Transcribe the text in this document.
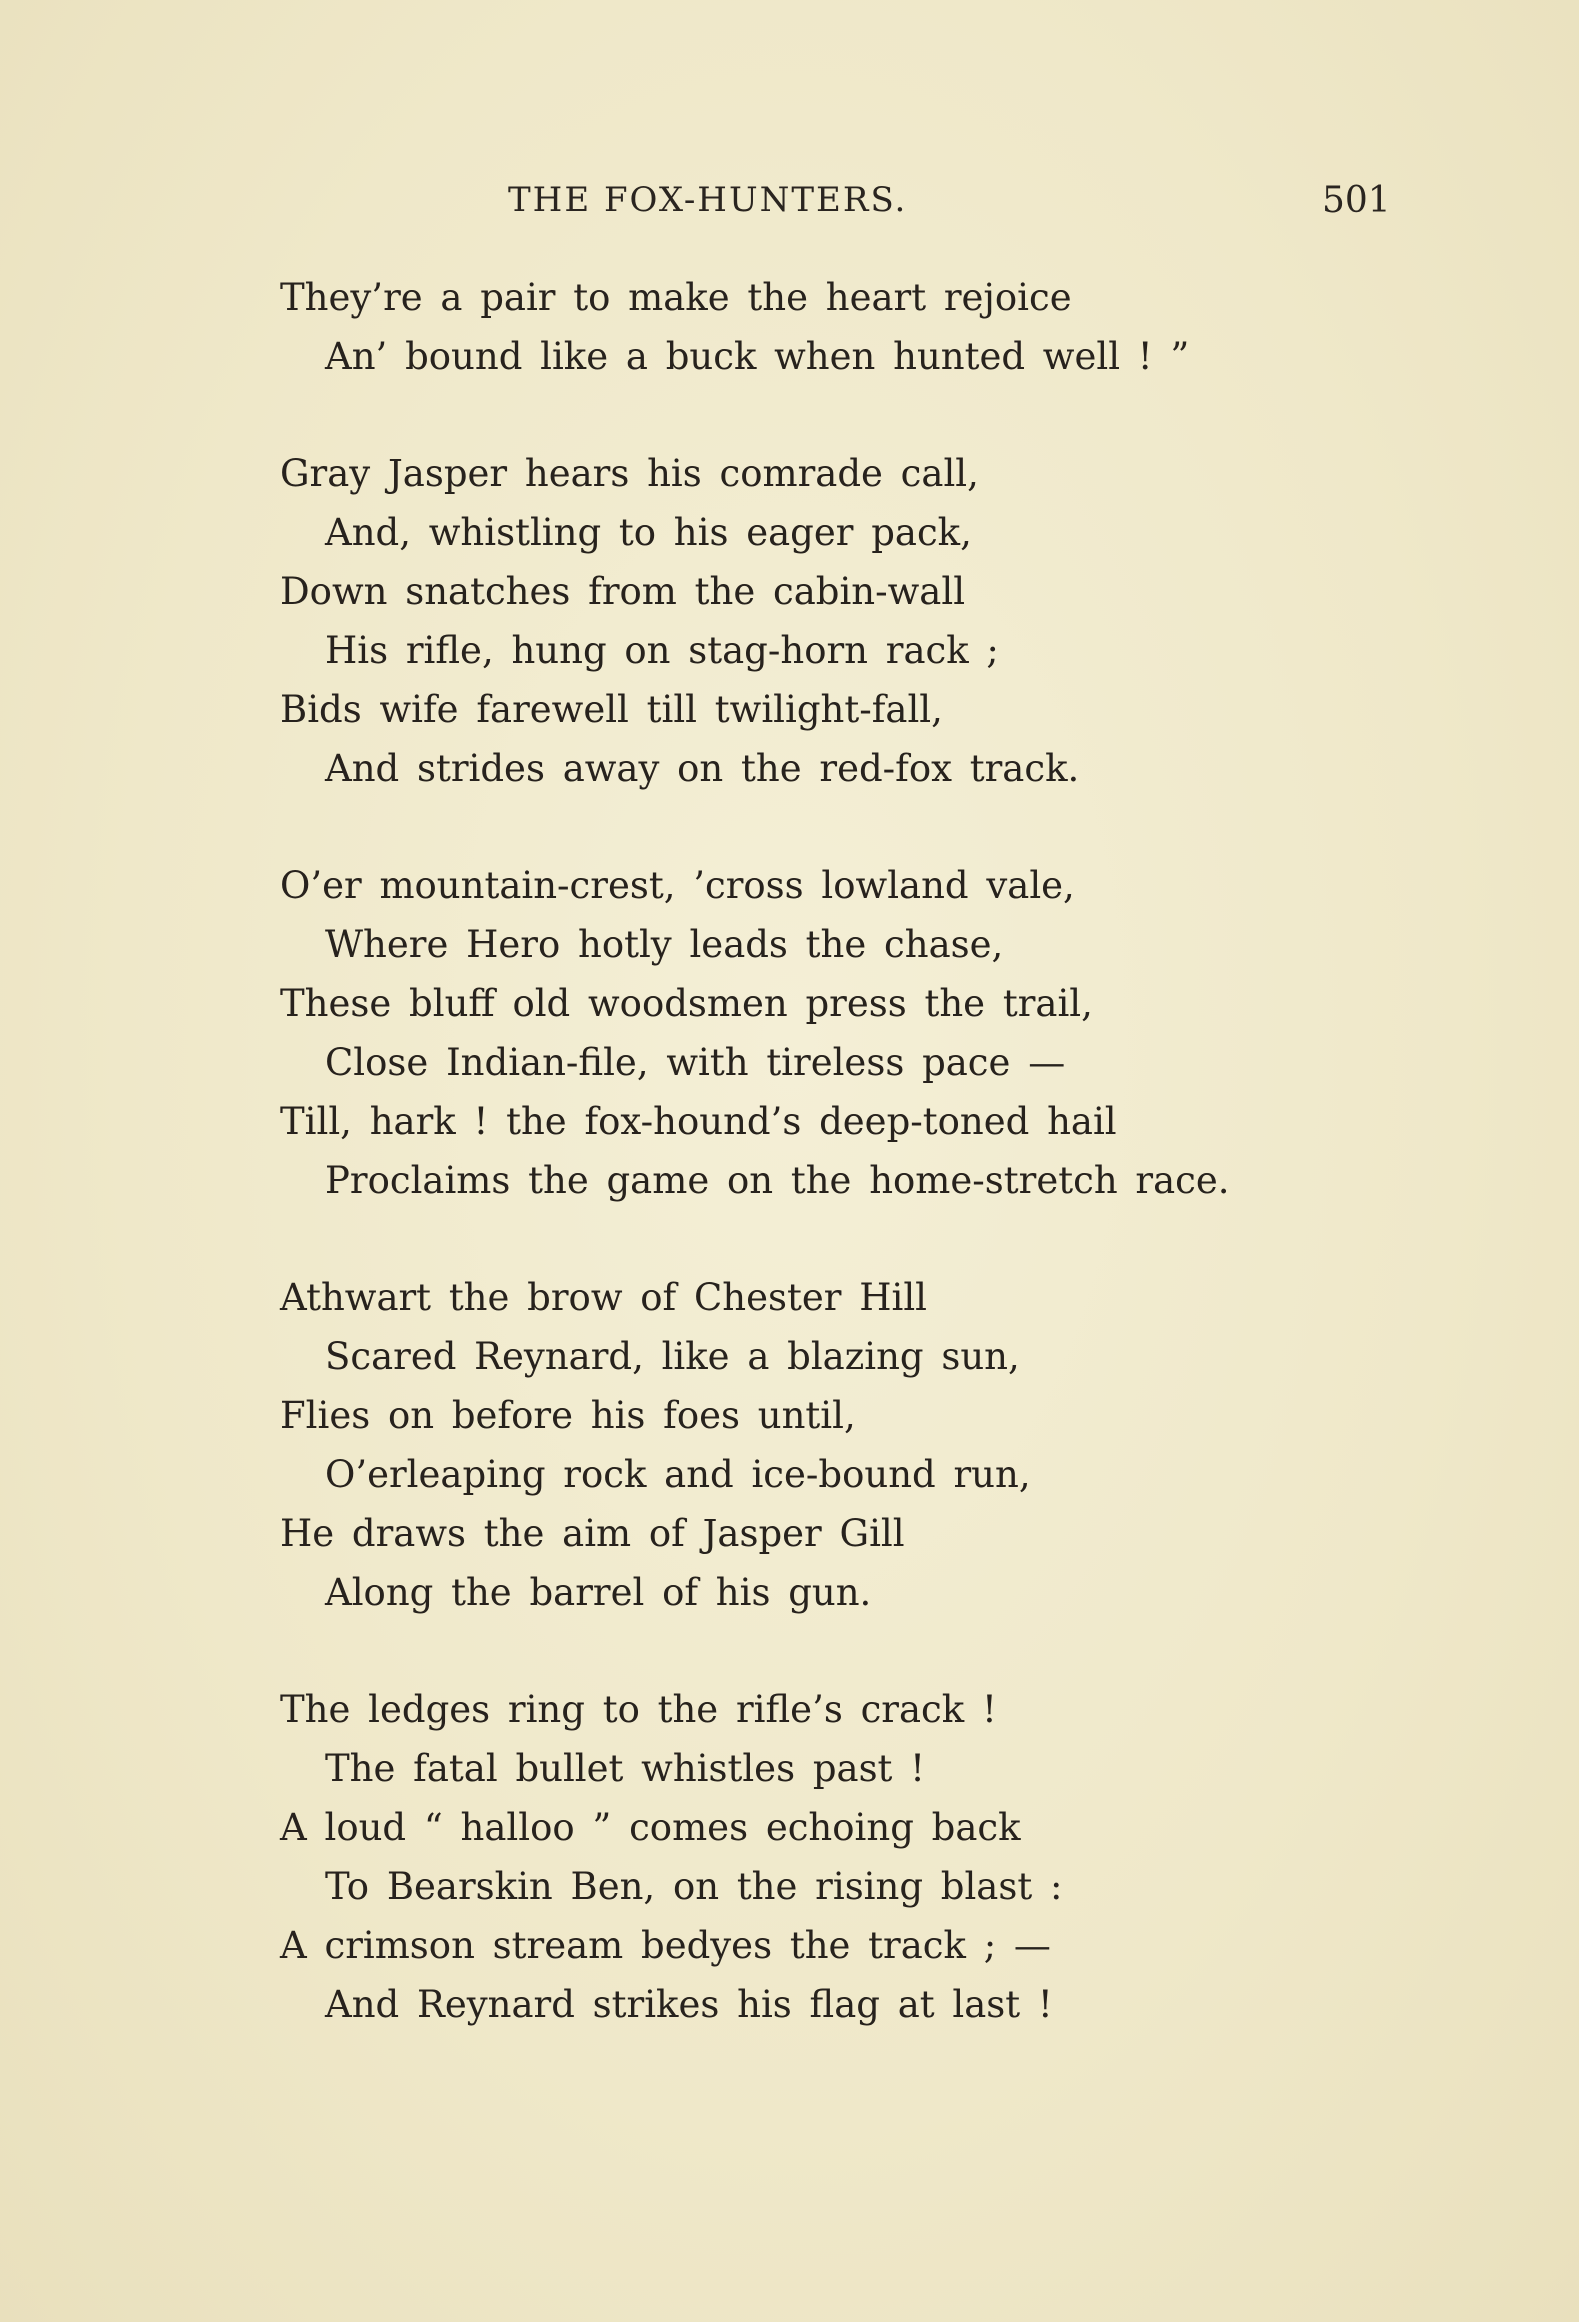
THE FOX-HUNTERS.	501
They’re a pair to make the heart rejoice
An’ bound like a buck when hunted well ! ”
Gray Jasper hears his comrade call,
And, whistling to his eager pack,
Down snatches from the cabin-wall
His rifle, hung on stag-horn rack ;
Bids wife farewell till twilight-fall,
And strides away on the red-fox track.
O’er mountain-crest, ’cross lowland vale,
Where Hero hotly leads the chase,
These bluff old woodsmen press the trail,
Close Indian-file, with tireless pace —
Till, hark ! the fox-hound’s deep-toned hail
Proclaims the game on the home-stretch race.
Athwart the brow of Chester Hill
Scared Reynard, like a blazing sun,
Flies on before his foes until,
O’erleaping rock and ice-bound run,
He draws the aim of Jasper Gill
Along the barrel of his gun.
The ledges ring to the rifle’s crack !
The fatal bullet whistles past !
A loud “ halloo ” comes echoing back
To Bearskin Ben, on the rising blast :
A crimson stream bedyes the track ; —
And Reynard strikes his flag at last !
